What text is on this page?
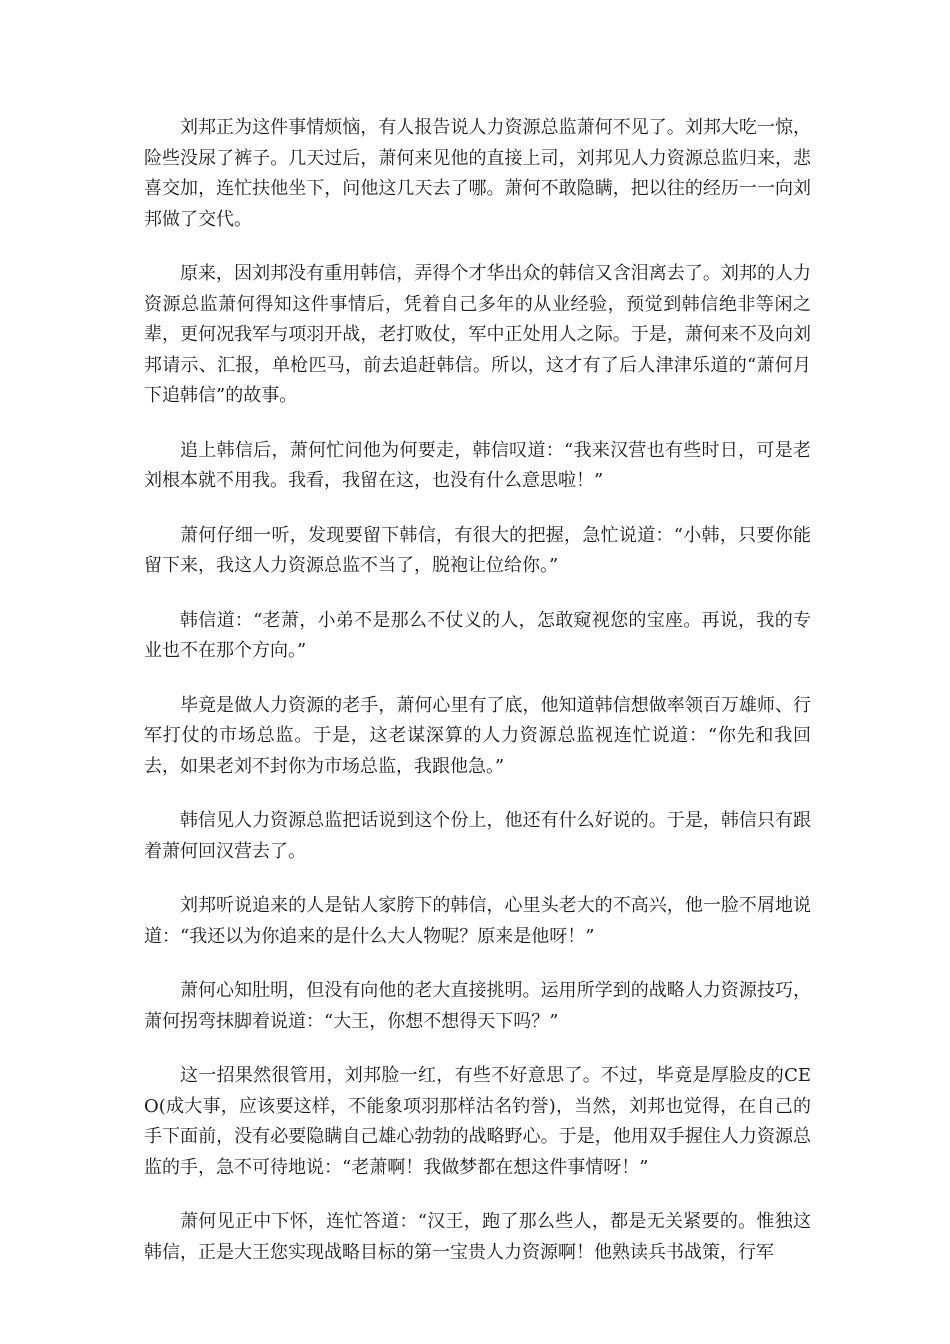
刘邦正为这件事情烦恼，有人报告说人力资源总监萧何不见了。刘邦大吃一惊，险些没尿了裤子。几天过后，萧何来见他的直接上司，刘邦见人力资源总监归来，悲喜交加，连忙扶他坐下，问他这几天去了哪。萧何不敢隐瞒，把以往的经历一一向刘邦做了交代。

原来，因刘邦没有重用韩信，弄得个才华出众的韩信又含泪离去了。刘邦的人力资源总监萧何得知这件事情后，凭着自己多年的从业经验，预觉到韩信绝非等闲之辈，更何况我军与项羽开战，老打败仗，军中正处用人之际。于是，萧何来不及向刘邦请示、汇报，单枪匹马，前去追赶韩信。所以，这才有了后人津津乐道的“萧何月下追韩信”的故事。

追上韩信后，萧何忙问他为何要走，韩信叹道：“我来汉营也有些时日，可是老刘根本就不用我。我看，我留在这，也没有什么意思啦！”

萧何仔细一听，发现要留下韩信，有很大的把握，急忙说道：“小韩，只要你能留下来，我这人力资源总监不当了，脱袍让位给你。”

韩信道：“老萧，小弟不是那么不仗义的人，怎敢窥视您的宝座。再说，我的专业也不在那个方向。”

毕竟是做人力资源的老手，萧何心里有了底，他知道韩信想做率领百万雄师、行军打仗的市场总监。于是，这老谋深算的人力资源总监视连忙说道：“你先和我回去，如果老刘不封你为市场总监，我跟他急。”

韩信见人力资源总监把话说到这个份上，他还有什么好说的。于是，韩信只有跟着萧何回汉营去了。

刘邦听说追来的人是钻人家胯下的韩信，心里头老大的不高兴，他一脸不屑地说道：“我还以为你追来的是什么大人物呢？原来是他呀！”

萧何心知肚明，但没有向他的老大直接挑明。运用所学到的战略人力资源技巧，萧何拐弯抹脚着说道：“大王，你想不想得天下吗？”

这一招果然很管用，刘邦脸一红，有些不好意思了。不过，毕竟是厚脸皮的CEO(成大事，应该要这样，不能象项羽那样沽名钓誉)，当然，刘邦也觉得，在自己的手下面前，没有必要隐瞒自己雄心勃勃的战略野心。于是，他用双手握住人力资源总监的手，急不可待地说：“老萧啊！我做梦都在想这件事情呀！”

萧何见正中下怀，连忙答道：“汉王，跑了那么些人，都是无关紧要的。惟独这韩信，正是大王您实现战略目标的第一宝贵人力资源啊！他熟读兵书战策，行军
